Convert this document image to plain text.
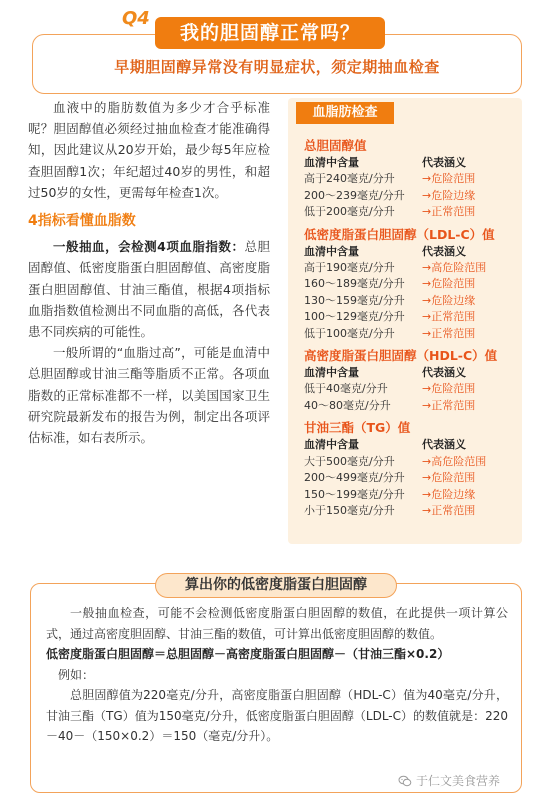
Q4
我的胆固醇正常吗？
早期胆固醇异常没有明显症状，须定期抽血检查

血液中的脂肪数值为多少才合乎标准呢？胆固醇值必须经过抽血检查才能准确得知，因此建议从20岁开始，最少每5年应检查胆固醇1次；年纪超过40岁的男性，和超过50岁的女性，更需每年检查1次。

4指标看懂血脂数

一般抽血，会检测4项血脂指数：总胆固醇值、低密度脂蛋白胆固醇值、高密度脂蛋白胆固醇值、甘油三酯值，根据4项指标血脂指数值检测出不同血脂的高低，各代表患不同疾病的可能性。

一般所谓的“血脂过高”，可能是血清中总胆固醇或甘油三酯等脂质不正常。各项血脂数的正常标准都不一样，以美国国家卫生研究院最新发布的报告为例，制定出各项评估标准，如右表所示。

血脂肪检查
总胆固醇值
血清中含量	代表涵义
高于240毫克/分升	→危险范围
200～239毫克/分升	→危险边缘
低于200毫克/分升	→正常范围
低密度脂蛋白胆固醇（LDL-C）值
血清中含量	代表涵义
高于190毫克/分升	→高危险范围
160～189毫克/分升	→危险范围
130～159毫克/分升	→危险边缘
100～129毫克/分升	→正常范围
低于100毫克/分升	→正常范围
高密度脂蛋白胆固醇（HDL-C）值
血清中含量	代表涵义
低于40毫克/分升	→危险范围
40～80毫克/分升	→正常范围
甘油三酯（TG）值
血清中含量	代表涵义
大于500毫克/分升	→高危险范围
200～499毫克/分升	→危险范围
150～199毫克/分升	→危险边缘
小于150毫克/分升	→正常范围
算出你的低密度脂蛋白胆固醇

一般抽血检查，可能不会检测低密度脂蛋白胆固醇的数值，在此提供一项计算公式，通过高密度胆固醇、甘油三酯的数值，可计算出低密度胆固醇的数值。

低密度脂蛋白胆固醇＝总胆固醇－高密度脂蛋白胆固醇－（甘油三酯×0.2）

例如：

总胆固醇值为220毫克/分升，高密度脂蛋白胆固醇（HDL-C）值为40毫克/分升，甘油三酯（TG）值为150毫克/分升，低密度脂蛋白胆固醇（LDL-C）的数值就是：220－40－（150×0.2）＝150（毫克/分升）。

于仁文美食营养
